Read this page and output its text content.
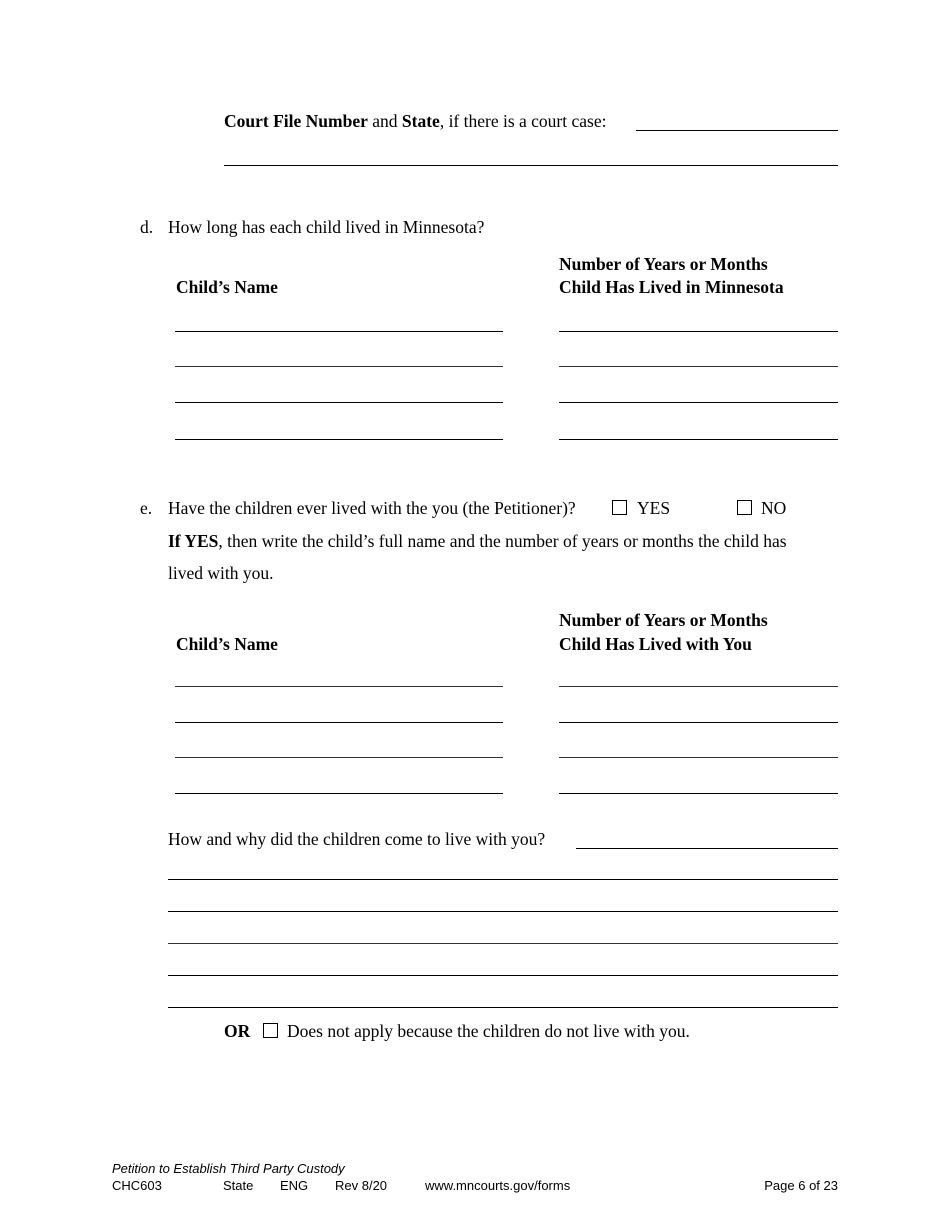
Court File Number and State, if there is a court case:
d. How long has each child lived in Minnesota?
Number of Years or Months
Child Has Lived in Minnesota
Child’s Name
e. Have the children ever lived with the you (the Petitioner)?	YES	NO
If YES, then write the child’s full name and the number of years or months the child has
lived with you.
Number of Years or Months
Child Has Lived with You
Child’s Name
How and why did the children come to live with you?
OR Does not apply because the children do not live with you.
Petition to Establish Third Party Custody
CHC603	State ENG Rev 8/20	www.mncourts.gov/forms	Page 6 of 23
